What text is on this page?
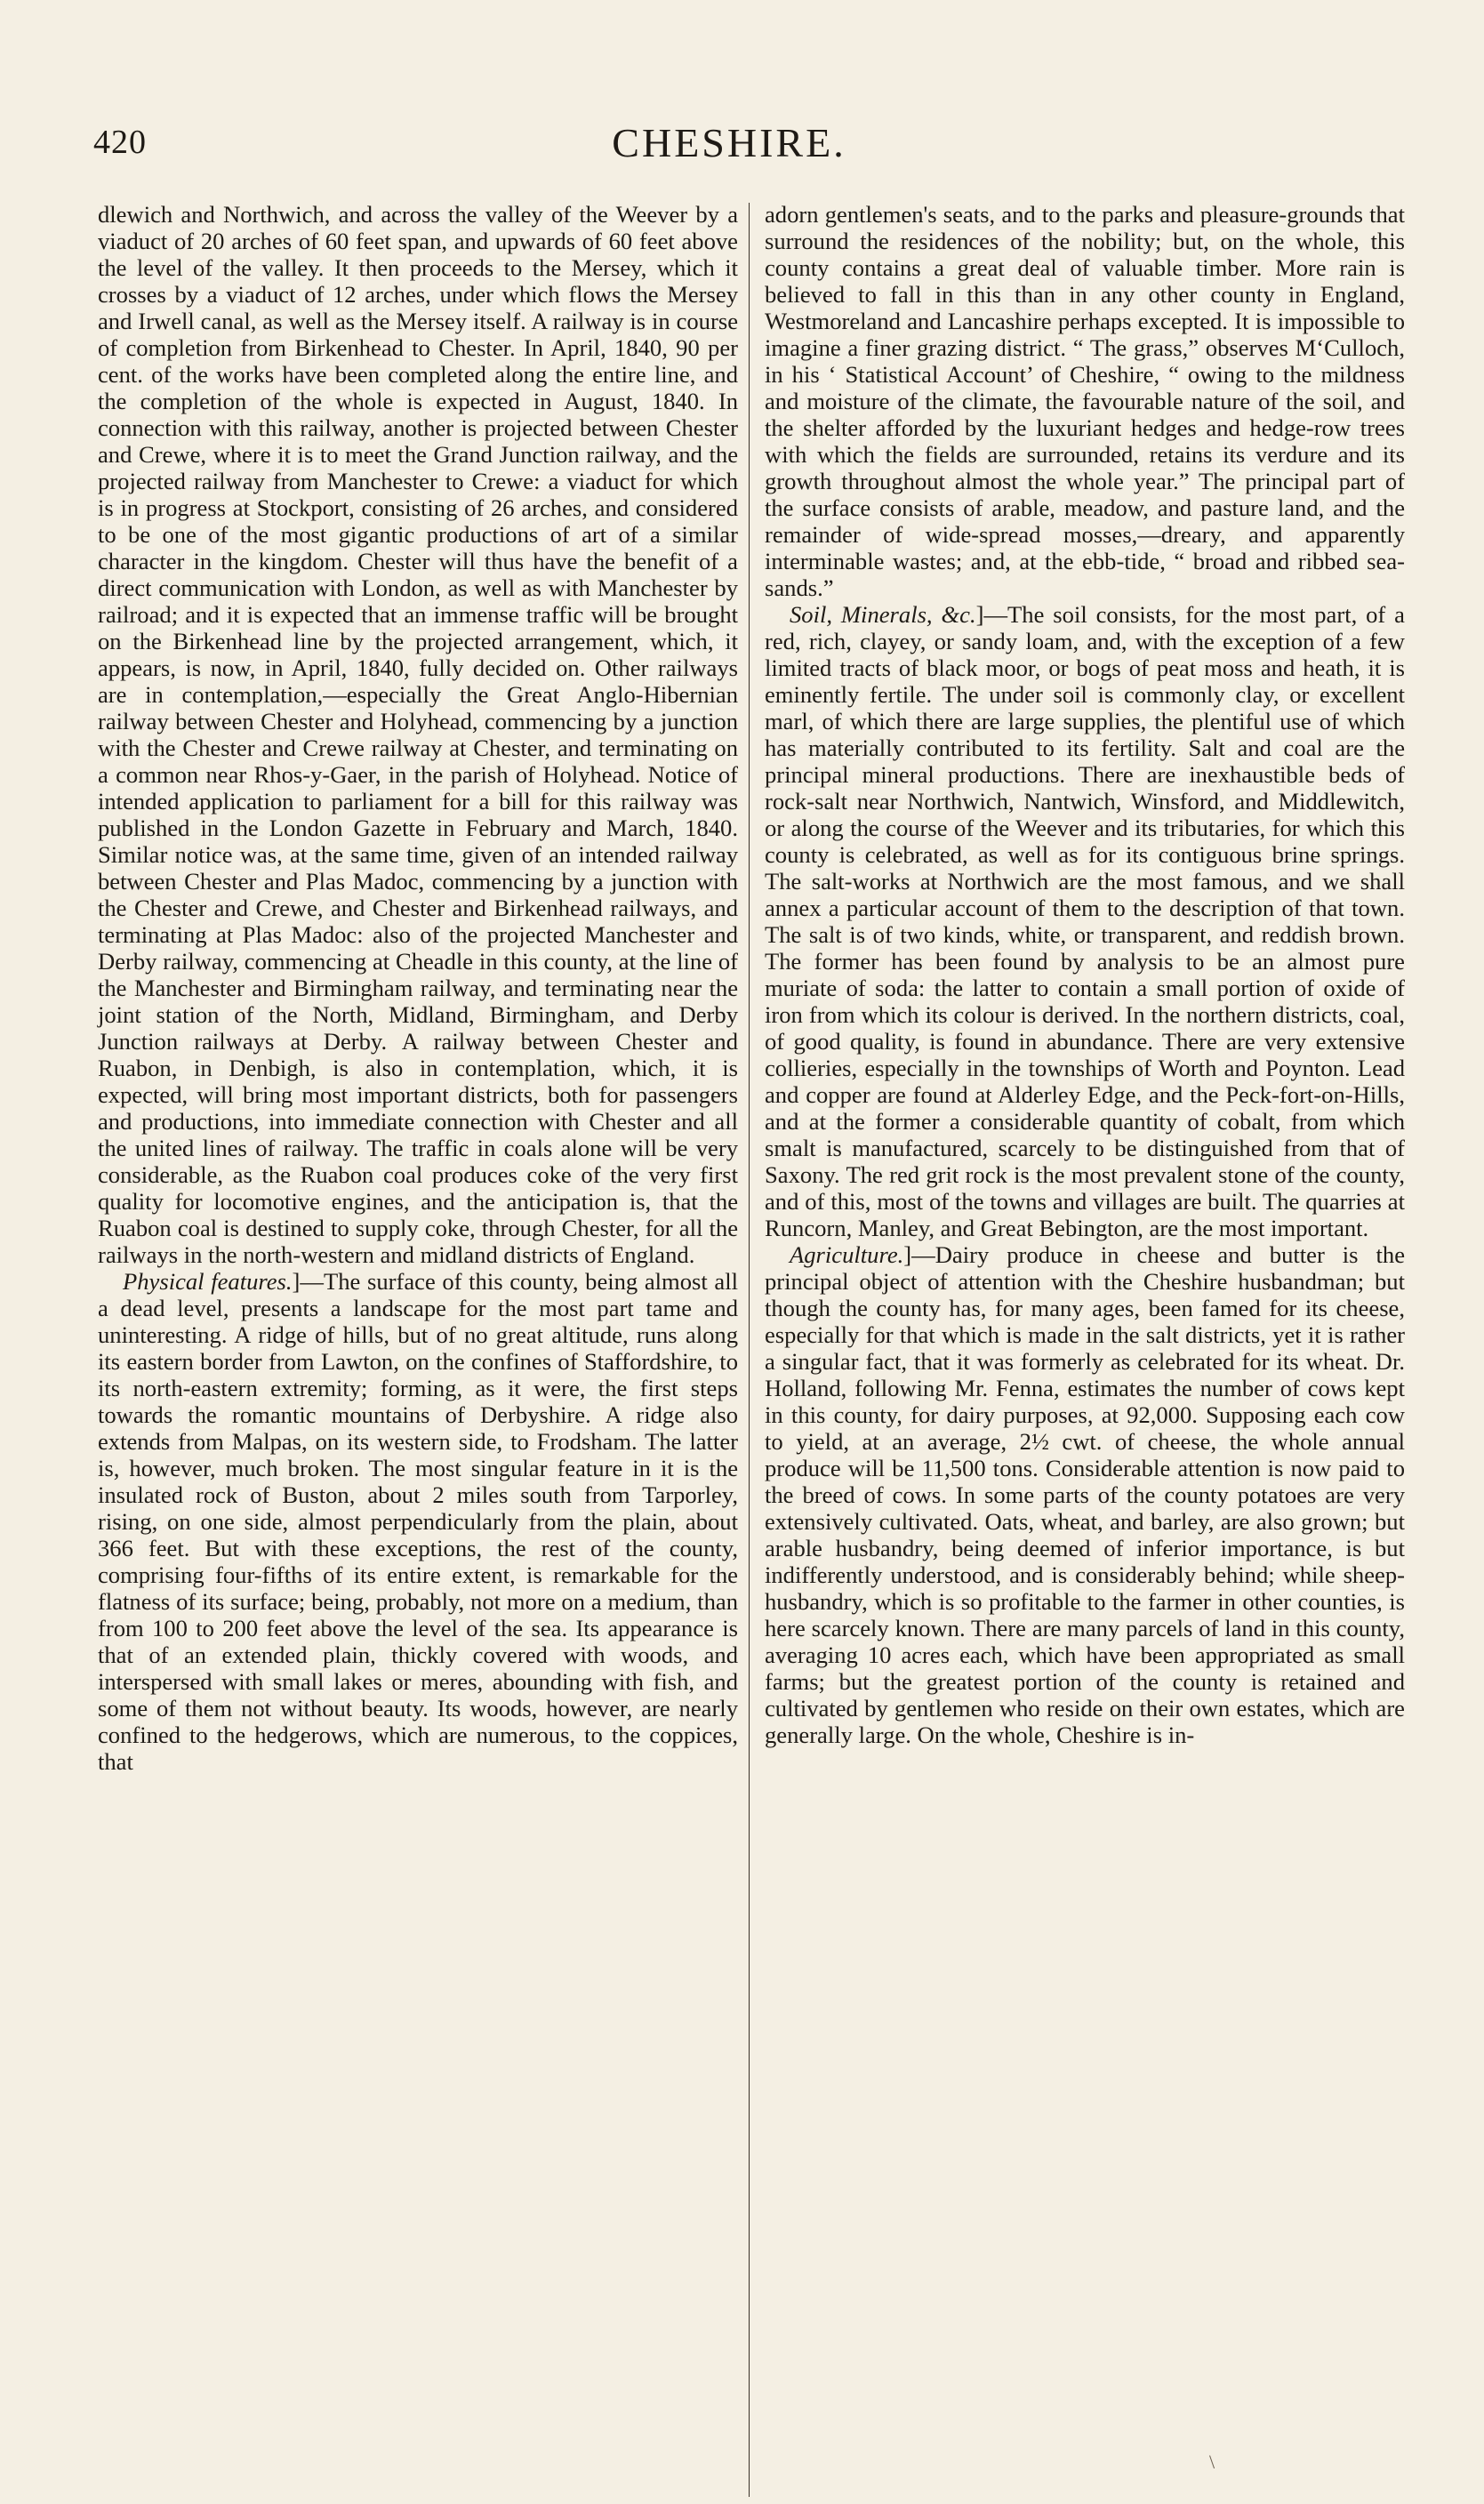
420	CHESHIRE.

dlewich and Northwich, and across the valley of the Weever by a viaduct of 20 arches of 60 feet span, and upwards of 60 feet above the level of the valley. It then proceeds to the Mersey, which it crosses by a viaduct of 12 arches, under which flows the Mersey and Irwell canal, as well as the Mersey itself. A railway is in course of completion from Birkenhead to Chester. In April, 1840, 90 per cent. of the works have been completed along the entire line, and the completion of the whole is expected in August, 1840. In connection with this railway, another is projected between Chester and Crewe, where it is to meet the Grand Junction railway, and the projected railway from Manchester to Crewe: a viaduct for which is in progress at Stockport, consisting of 26 arches, and considered to be one of the most gigantic productions of art of a similar character in the kingdom. Chester will thus have the benefit of a direct communication with London, as well as with Manchester by railroad; and it is expected that an immense traffic will be brought on the Birkenhead line by the projected arrangement, which, it appears, is now, in April, 1840, fully decided on. Other railways are in contemplation,—especially the Great Anglo-Hibernian railway between Chester and Holyhead, commencing by a junction with the Chester and Crewe railway at Chester, and terminating on a common near Rhos-y-Gaer, in the parish of Holyhead. Notice of intended application to parliament for a bill for this railway was published in the London Gazette in February and March, 1840. Similar notice was, at the same time, given of an intended railway between Chester and Plas Madoc, commencing by a junction with the Chester and Crewe, and Chester and Birkenhead railways, and terminating at Plas Madoc: also of the projected Manchester and Derby railway, commencing at Cheadle in this county, at the line of the Manchester and Birmingham railway, and terminating near the joint station of the North, Midland, Birmingham, and Derby Junction railways at Derby. A railway between Chester and Ruabon, in Denbigh, is also in contemplation, which, it is expected, will bring most important districts, both for passengers and productions, into immediate connection with Chester and all the united lines of railway. The traffic in coals alone will be very considerable, as the Ruabon coal produces coke of the very first quality for locomotive engines, and the anticipation is, that the Ruabon coal is destined to supply coke, through Chester, for all the railways in the north-western and midland districts of England.

Physical features.]—The surface of this county, being almost all a dead level, presents a landscape for the most part tame and uninteresting. A ridge of hills, but of no great altitude, runs along its eastern border from Lawton, on the confines of Staffordshire, to its north-eastern extremity; forming, as it were, the first steps towards the romantic mountains of Derbyshire. A ridge also extends from Malpas, on its western side, to Frodsham. The latter is, however, much broken. The most singular feature in it is the insulated rock of Buston, about 2 miles south from Tarporley, rising, on one side, almost perpendicularly from the plain, about 366 feet. But with these exceptions, the rest of the county, comprising four-fifths of its entire extent, is remarkable for the flatness of its surface; being, probably, not more on a medium, than from 100 to 200 feet above the level of the sea. Its appearance is that of an extended plain, thickly covered with woods, and interspersed with small lakes or meres, abounding with fish, and some of them not without beauty. Its woods, however, are nearly confined to the hedgerows, which are numerous, to the coppices, that

adorn gentlemen's seats, and to the parks and pleasure-grounds that surround the residences of the nobility; but, on the whole, this county contains a great deal of valuable timber. More rain is believed to fall in this than in any other county in England, Westmoreland and Lancashire perhaps excepted. It is impossible to imagine a finer grazing district. “ The grass,” observes M‘Culloch, in his ‘ Statistical Account’ of Cheshire, “ owing to the mildness and moisture of the climate, the favourable nature of the soil, and the shelter afforded by the luxuriant hedges and hedge-row trees with which the fields are surrounded, retains its verdure and its growth throughout almost the whole year.” The principal part of the surface consists of arable, meadow, and pasture land, and the remainder of wide-spread mosses,—dreary, and apparently interminable wastes; and, at the ebb-tide, “ broad and ribbed sea-sands.”

Soil, Minerals, &c.]—The soil consists, for the most part, of a red, rich, clayey, or sandy loam, and, with the exception of a few limited tracts of black moor, or bogs of peat moss and heath, it is eminently fertile. The under soil is commonly clay, or excellent marl, of which there are large supplies, the plentiful use of which has materially contributed to its fertility. Salt and coal are the principal mineral productions. There are inexhaustible beds of rock-salt near Northwich, Nantwich, Winsford, and Middlewitch, or along the course of the Weever and its tributaries, for which this county is celebrated, as well as for its contiguous brine springs. The salt-works at Northwich are the most famous, and we shall annex a particular account of them to the description of that town. The salt is of two kinds, white, or transparent, and reddish brown. The former has been found by analysis to be an almost pure muriate of soda: the latter to contain a small portion of oxide of iron from which its colour is derived. In the northern districts, coal, of good quality, is found in abundance. There are very extensive collieries, especially in the townships of Worth and Poynton. Lead and copper are found at Alderley Edge, and the Peck-fort-on-Hills, and at the former a considerable quantity of cobalt, from which smalt is manufactured, scarcely to be distinguished from that of Saxony. The red grit rock is the most prevalent stone of the county, and of this, most of the towns and villages are built. The quarries at Runcorn, Manley, and Great Bebington, are the most important.

Agriculture.]—Dairy produce in cheese and butter is the principal object of attention with the Cheshire husbandman; but though the county has, for many ages, been famed for its cheese, especially for that which is made in the salt districts, yet it is rather a singular fact, that it was formerly as celebrated for its wheat. Dr. Holland, following Mr. Fenna, estimates the number of cows kept in this county, for dairy purposes, at 92,000. Supposing each cow to yield, at an average, 2½ cwt. of cheese, the whole annual produce will be 11,500 tons. Considerable attention is now paid to the breed of cows. In some parts of the county potatoes are very extensively cultivated. Oats, wheat, and barley, are also grown; but arable husbandry, being deemed of inferior importance, is but indifferently understood, and is considerably behind; while sheep-husbandry, which is so profitable to the farmer in other counties, is here scarcely known. There are many parcels of land in this county, averaging 10 acres each, which have been appropriated as small farms; but the greatest portion of the county is retained and cultivated by gentlemen who reside on their own estates, which are generally large. On the whole, Cheshire is in-

\
